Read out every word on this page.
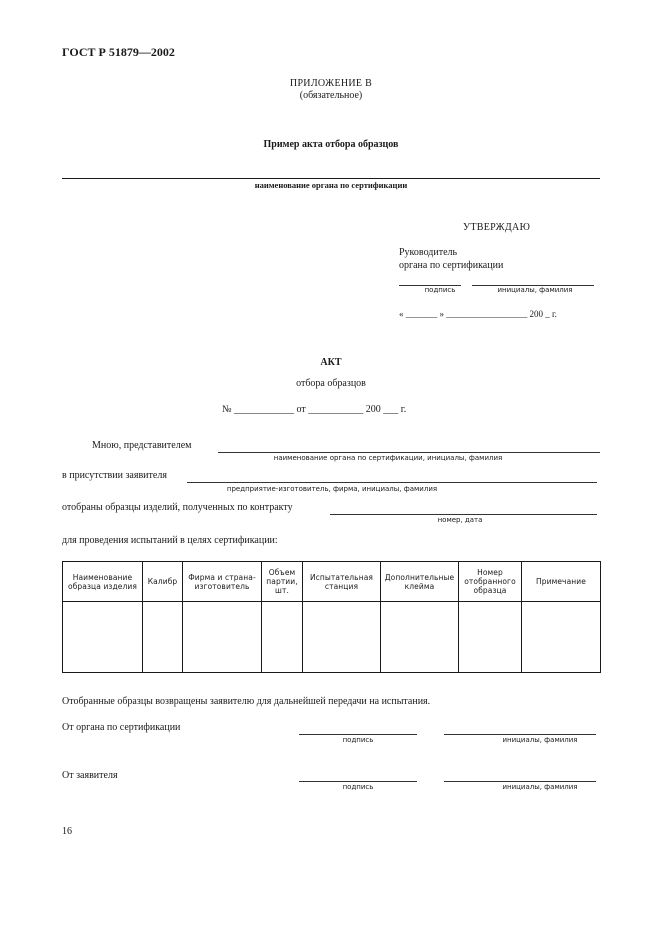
ГОСТ Р 51879—2002
ПРИЛОЖЕНИЕ В
(обязательное)
Пример акта отбора образцов
наименование органа по сертификации
УТВЕРЖДАЮ
Руководитель
органа по сертификации
подпись	инициалы, фамилия
« _______ » __________________ 200 _ г.
АКТ
отбора образцов
№ ____________ от ___________ 200 ___ г.
Мною, представителем
наименование органа по сертификации, инициалы, фамилия
в присутствии заявителя
предприятие-изготовитель, фирма, инициалы, фамилия
отобраны образцы изделий, полученных по контракту
номер, дата
для проведения испытаний в целях сертификации:
Наименование образца изделия	Калибр	Фирма и страна-изготовитель	Объем партии, шт.	Испытательная станция	Дополнительные клейма	Номер отобранного образца	Примечание

Отобранные образцы возвращены заявителю для дальнейшей передачи на испытания.
От органа по сертификации
подпись	инициалы, фамилия
От заявителя
подпись	инициалы, фамилия
16
